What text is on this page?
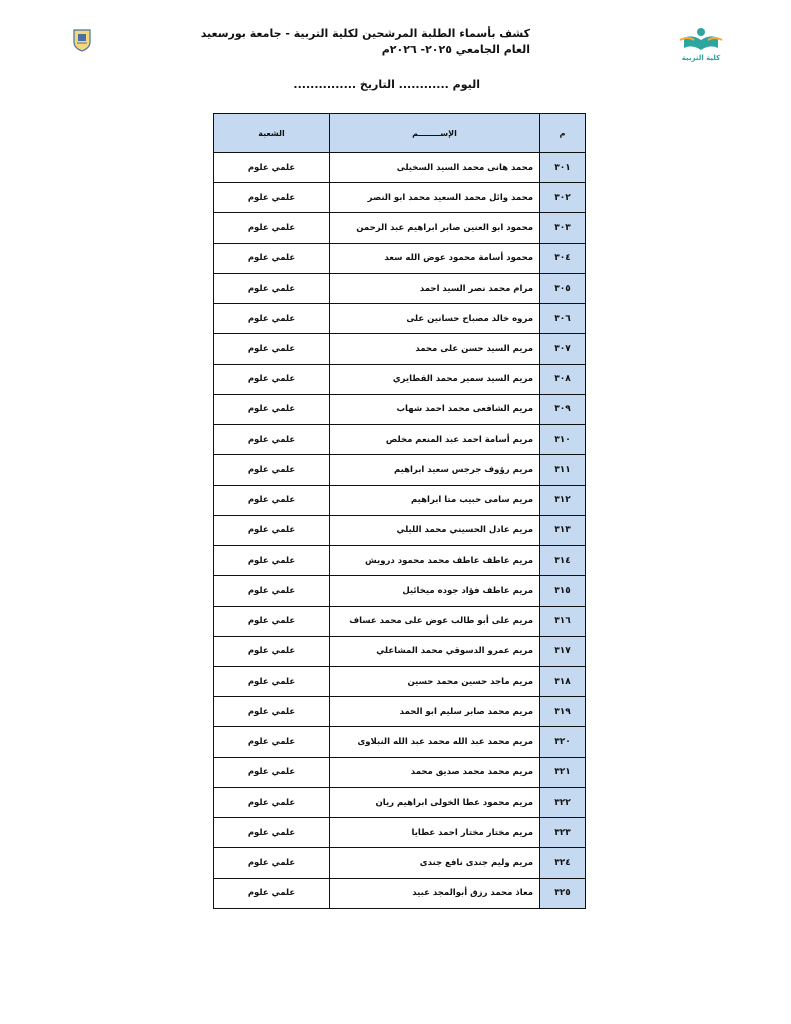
كلية التربية
كشف بأسماء الطلبة المرشحين لكلية التربية - جامعة بورسعيد
العام الجامعي ٢٠٢٥- ٢٠٢٦م
اليوم ............ التاريخ ...............
م	الإســــــــم	الشعبة
٣٠١	محمد هانى محمد السيد السخيلى	علمي علوم
٣٠٢	محمد وائل محمد السعيد محمد ابو النصر	علمي علوم
٣٠٣	محمود ابو العنين صابر ابراهيم عبد الرحمن	علمي علوم
٣٠٤	محمود أسامة محمود عوض الله سعد	علمي علوم
٣٠٥	مرام محمد نصر السيد احمد	علمي علوم
٣٠٦	مروه خالد مصباح حسانين على	علمي علوم
٣٠٧	مريم السيد حسن على محمد	علمي علوم
٣٠٨	مريم السيد سمير محمد القطايري	علمي علوم
٣٠٩	مريم الشافعى محمد احمد شهاب	علمي علوم
٣١٠	مريم أسامة احمد عبد المنعم مخلص	علمي علوم
٣١١	مريم رؤوف جرجس سعيد ابراهيم	علمي علوم
٣١٢	مريم سامى حبيب متا ابراهيم	علمي علوم
٣١٣	مريم عادل الحسيني محمد الليلي	علمي علوم
٣١٤	مريم عاطف عاطف محمد محمود درويش	علمي علوم
٣١٥	مريم عاطف فؤاد جوده ميخائيل	علمي علوم
٣١٦	مريم على أبو طالب عوض على محمد عساف	علمي علوم
٣١٧	مريم عمرو الدسوقي محمد المشاعلي	علمي علوم
٣١٨	مريم ماجد حسين محمد حسين	علمي علوم
٣١٩	مريم محمد صابر سليم ابو الحمد	علمي علوم
٣٢٠	مريم محمد عبد الله محمد عبد الله النبلاوى	علمي علوم
٣٢١	مريم محمد محمد صديق محمد	علمي علوم
٣٢٢	مريم محمود عطا الخولى ابراهيم ريان	علمي علوم
٣٢٣	مريم مختار مختار احمد عطايا	علمي علوم
٣٢٤	مريم وليم جندى نافع جندى	علمي علوم
٣٢٥	معاذ محمد رزق أبوالمجد عبيد	علمي علوم
